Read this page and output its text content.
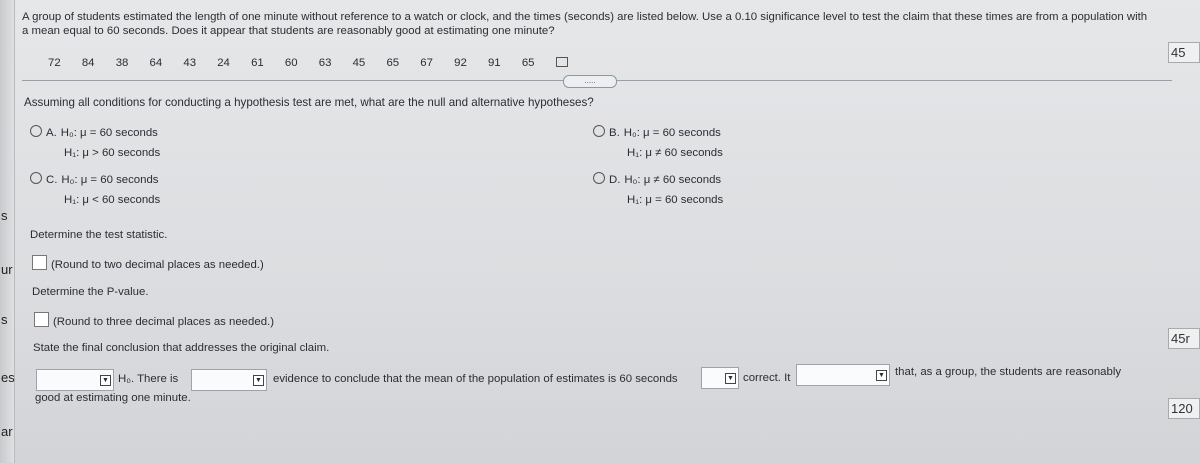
s
ur
s
es
ar
45
45r
120
A group of students estimated the length of one minute without reference to a watch or clock, and the times (seconds) are listed below. Use a 0.10 significance level to test the claim that these times are from a population with a mean equal to 60 seconds. Does it appear that students are reasonably good at estimating one minute?
72 84 38 64 43 24 61 60 63 45 65 67 92 91 65
.....
Assuming all conditions for conducting a hypothesis test are met, what are the null and alternative hypotheses?
A. H₀: μ = 60 seconds
H₁: μ > 60 seconds
B. H₀: μ = 60 seconds
H₁: μ ≠ 60 seconds
C. H₀: μ = 60 seconds
H₁: μ < 60 seconds
D. H₀: μ ≠ 60 seconds
H₁: μ = 60 seconds
Determine the test statistic.
(Round to two decimal places as needed.)
Determine the P-value.
(Round to three decimal places as needed.)
State the final conclusion that addresses the original claim.
▼ H₀. There is	▼ evidence to conclude that the mean of the population of estimates is 60 seconds	▼ correct. It	▼ that, as a group, the students are reasonably
good at estimating one minute.
